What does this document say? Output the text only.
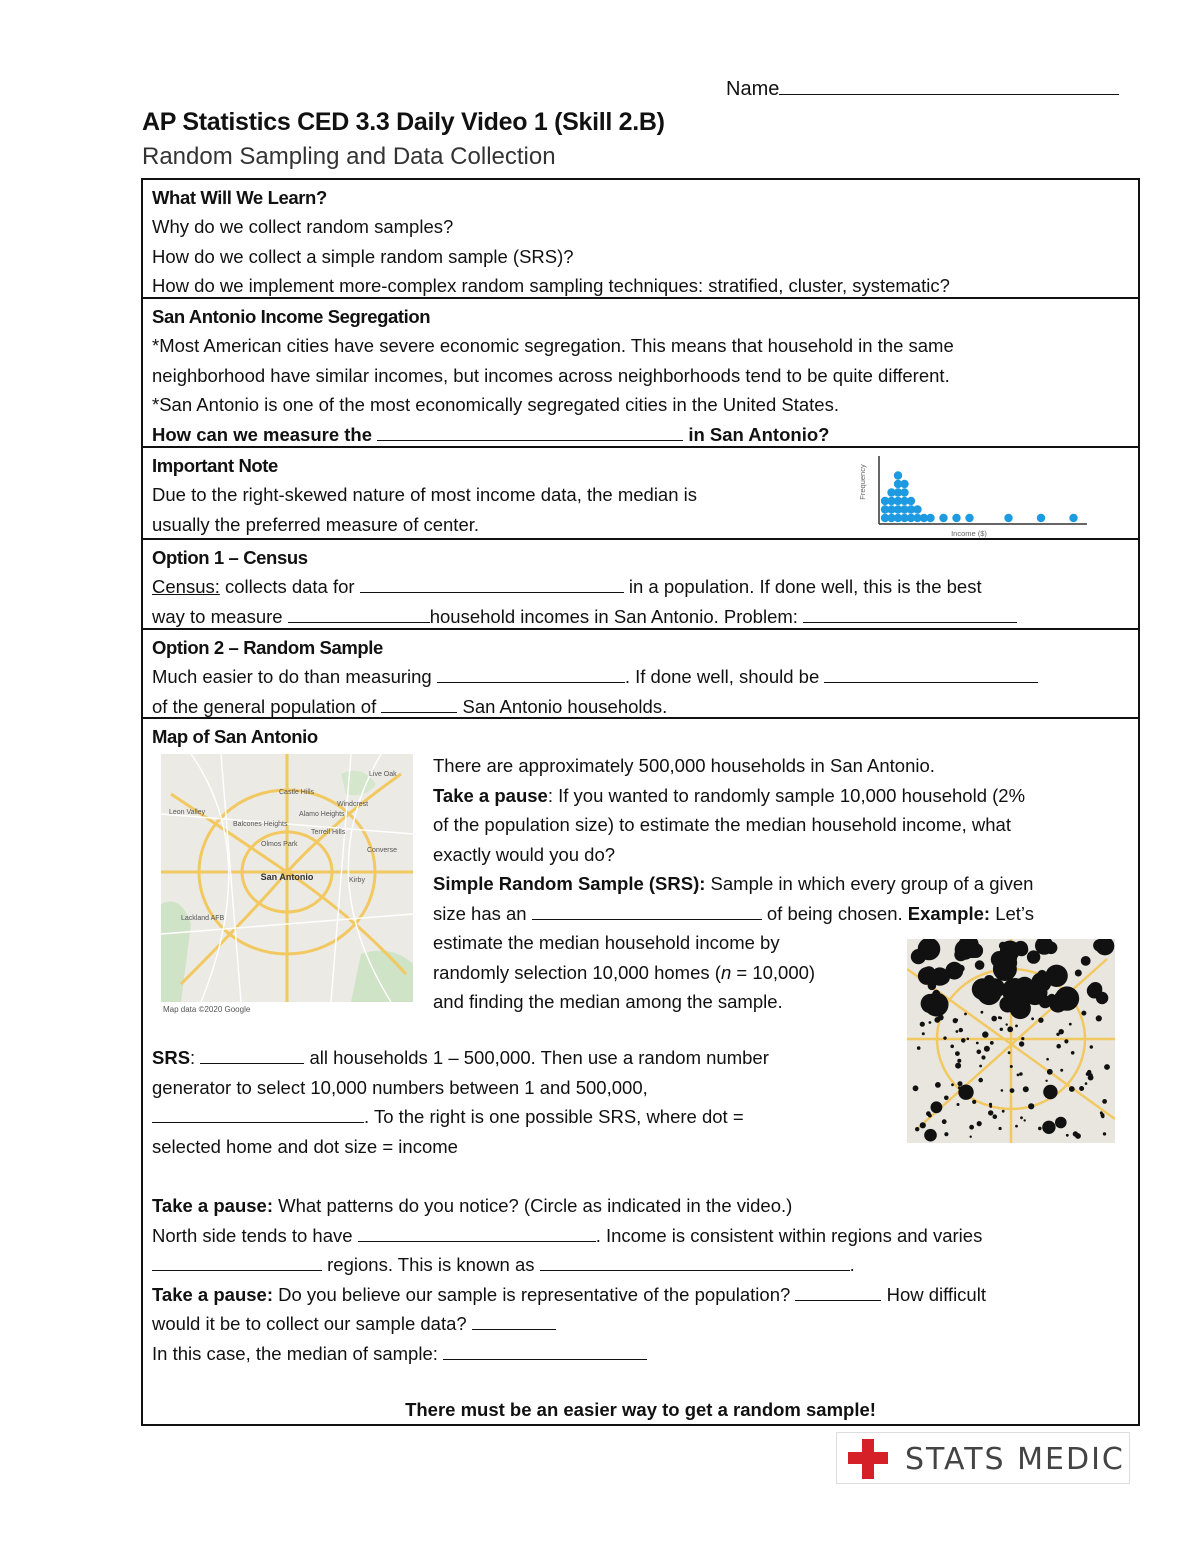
Name
AP Statistics CED 3.3 Daily Video 1 (Skill 2.B)
Random Sampling and Data Collection
What Will We Learn?
Why do we collect random samples?
How do we collect a simple random sample (SRS)?
How do we implement more-complex random sampling techniques: stratified, cluster, systematic?
San Antonio Income Segregation
*Most American cities have severe economic segregation. This means that household in the same
neighborhood have similar incomes, but incomes across neighborhoods tend to be quite different.
*San Antonio is one of the most economically segregated cities in the United States.
How can we measure the	in San Antonio?
Important Note
Due to the right-skewed nature of most income data, the median is
usually the preferred measure of center.
Frequency
Income ($)
Option 1 – Census
Census: collects data for	in a population. If done well, this is the best
way to measure	household incomes in San Antonio. Problem:
Option 2 – Random Sample
Much easier to do than measuring	. If done well, should be
of the general population of	San Antonio households.
Map of San Antonio
Leon Valley
Balcones Heights
Castle Hills
Terrell Hills
Alamo Heights
Kirby
Olmos Park
Windcrest
Live Oak
Converse
Lackland AFB
San Antonio
Map data ©2020 Google
There are approximately 500,000 households in San Antonio.
Take a pause: If you wanted to randomly sample 10,000 household (2%
of the population size) to estimate the median household income, what
exactly would you do?
Simple Random Sample (SRS): Sample in which every group of a given
size has an	of being chosen. Example: Let’s
estimate the median household income by
randomly selection 10,000 homes (n = 10,000)
and finding the median among the sample.
SRS:	all households 1 – 500,000. Then use a random number
generator to select 10,000 numbers between 1 and 500,000,
. To the right is one possible SRS, where dot =
selected home and dot size = income
Take a pause: What patterns do you notice? (Circle as indicated in the video.)
North side tends to have	. Income is consistent within regions and varies
regions. This is known as	.
Take a pause: Do you believe our sample is representative of the population?	How difficult
would it be to collect our sample data?
In this case, the median of sample:
There must be an easier way to get a random sample!
STATS MEDIC
